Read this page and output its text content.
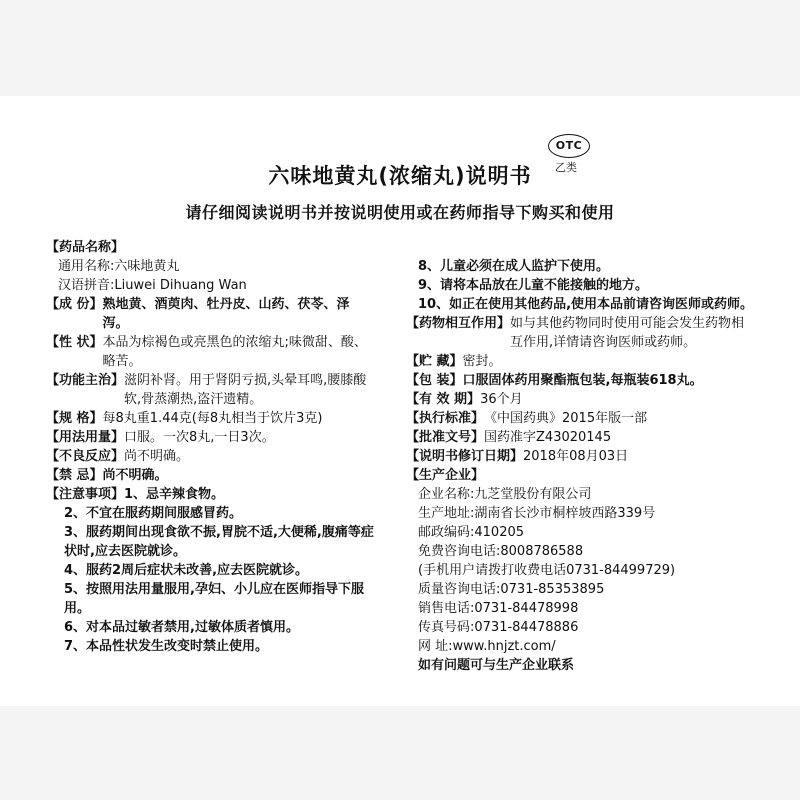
OTC
乙类
六味地黄丸(浓缩丸)说明书
请仔细阅读说明书并按说明使用或在药师指导下购买和使用
【药品名称】
通用名称: 六味地黄丸
汉语拼音: Liuwei Dihuang Wan
【成 份】 熟地黄、酒萸肉、牡丹皮、山药、茯苓、泽泻。
【性 状】 本品为棕褐色或亮黑色的浓缩丸;味微甜、酸、略苦。
【功能主治】 滋阴补肾。用于肾阴亏损,头晕耳鸣,腰膝酸软,骨蒸潮热,盗汗遗精。
【规 格】 每8丸重1.44克(每8丸相当于饮片3克)
【用法用量】 口服。一次8丸,一日3次。
【不良反应】 尚不明确。
【禁 忌】 尚不明确。
【注意事项】 1、忌辛辣食物。
2、不宜在服药期间服感冒药。
3、服药期间出现食欲不振,胃脘不适,大便稀,腹痛等症状时,应去医院就诊。
4、服药2周后症状未改善,应去医院就诊。
5、按照用法用量服用,孕妇、小儿应在医师指导下服用。
6、对本品过敏者禁用,过敏体质者慎用。
7、本品性状发生改变时禁止使用。
8、儿童必须在成人监护下使用。
9、请将本品放在儿童不能接触的地方。
10、如正在使用其他药品,使用本品前请咨询医师或药师。
【药物相互作用】 如与其他药物同时使用可能会发生药物相互作用,详情请咨询医师或药师。
【贮 藏】 密封。
【包 装】 口服固体药用聚酯瓶包装,每瓶装618丸。
【有 效 期】 36个月
【执行标准】 《中国药典》2015年版一部
【批准文号】 国药准字Z43020145
【说明书修订日期】 2018年08月03日
【生产企业】
企业名称: 九芝堂股份有限公司
生产地址: 湖南省长沙市桐梓坡西路339号
邮政编码: 410205
免费咨询电话: 8008786588
(手机用户请拨打收费电话0731-84499729)
质量咨询电话: 0731-85353895
销售电话: 0731-84478998
传真号码: 0731-84478886
网 址: www.hnjzt.com/
如有问题可与生产企业联系
